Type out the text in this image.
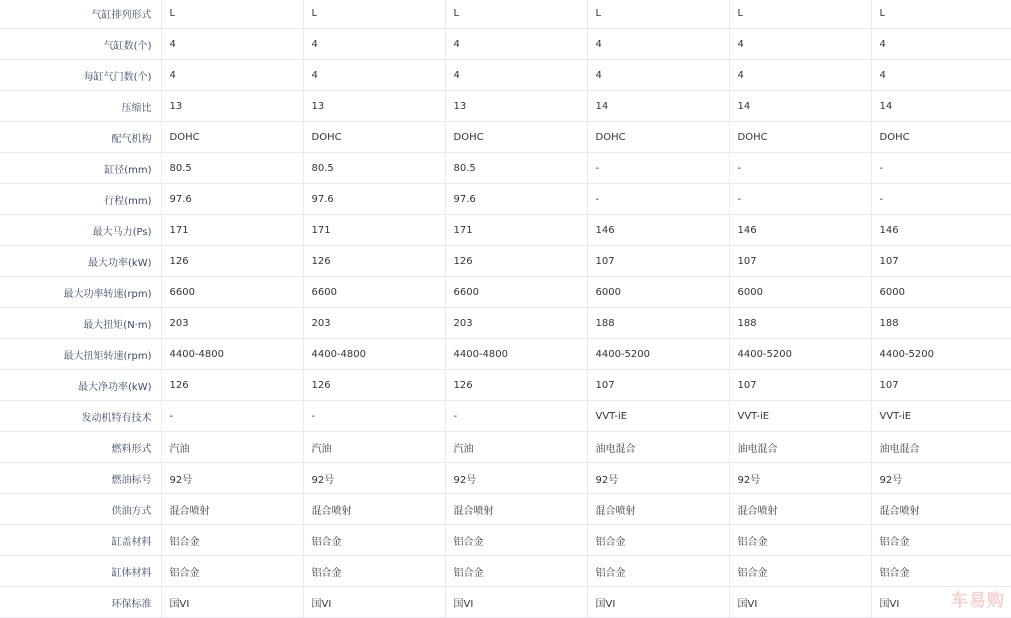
气缸排列形式	L	L	L	L	L	L
气缸数(个)	4	4	4	4	4	4
每缸气门数(个)	4	4	4	4	4	4
压缩比	13	13	13	14	14	14
配气机构	DOHC	DOHC	DOHC	DOHC	DOHC	DOHC
缸径(mm)	80.5	80.5	80.5	-	-	-
行程(mm)	97.6	97.6	97.6	-	-	-
最大马力(Ps)	171	171	171	146	146	146
最大功率(kW)	126	126	126	107	107	107
最大功率转速(rpm)	6600	6600	6600	6000	6000	6000
最大扭矩(N·m)	203	203	203	188	188	188
最大扭矩转速(rpm)	4400-4800	4400-4800	4400-4800	4400-5200	4400-5200	4400-5200
最大净功率(kW)	126	126	126	107	107	107
发动机特有技术	-	-	-	VVT-iE	VVT-iE	VVT-iE
燃料形式	汽油	汽油	汽油	油电混合	油电混合	油电混合
燃油标号	92号	92号	92号	92号	92号	92号
供油方式	混合喷射	混合喷射	混合喷射	混合喷射	混合喷射	混合喷射
缸盖材料	铝合金	铝合金	铝合金	铝合金	铝合金	铝合金
缸体材料	铝合金	铝合金	铝合金	铝合金	铝合金	铝合金
环保标准	国VI	国VI	国VI	国VI	国VI	国VI	车易购
